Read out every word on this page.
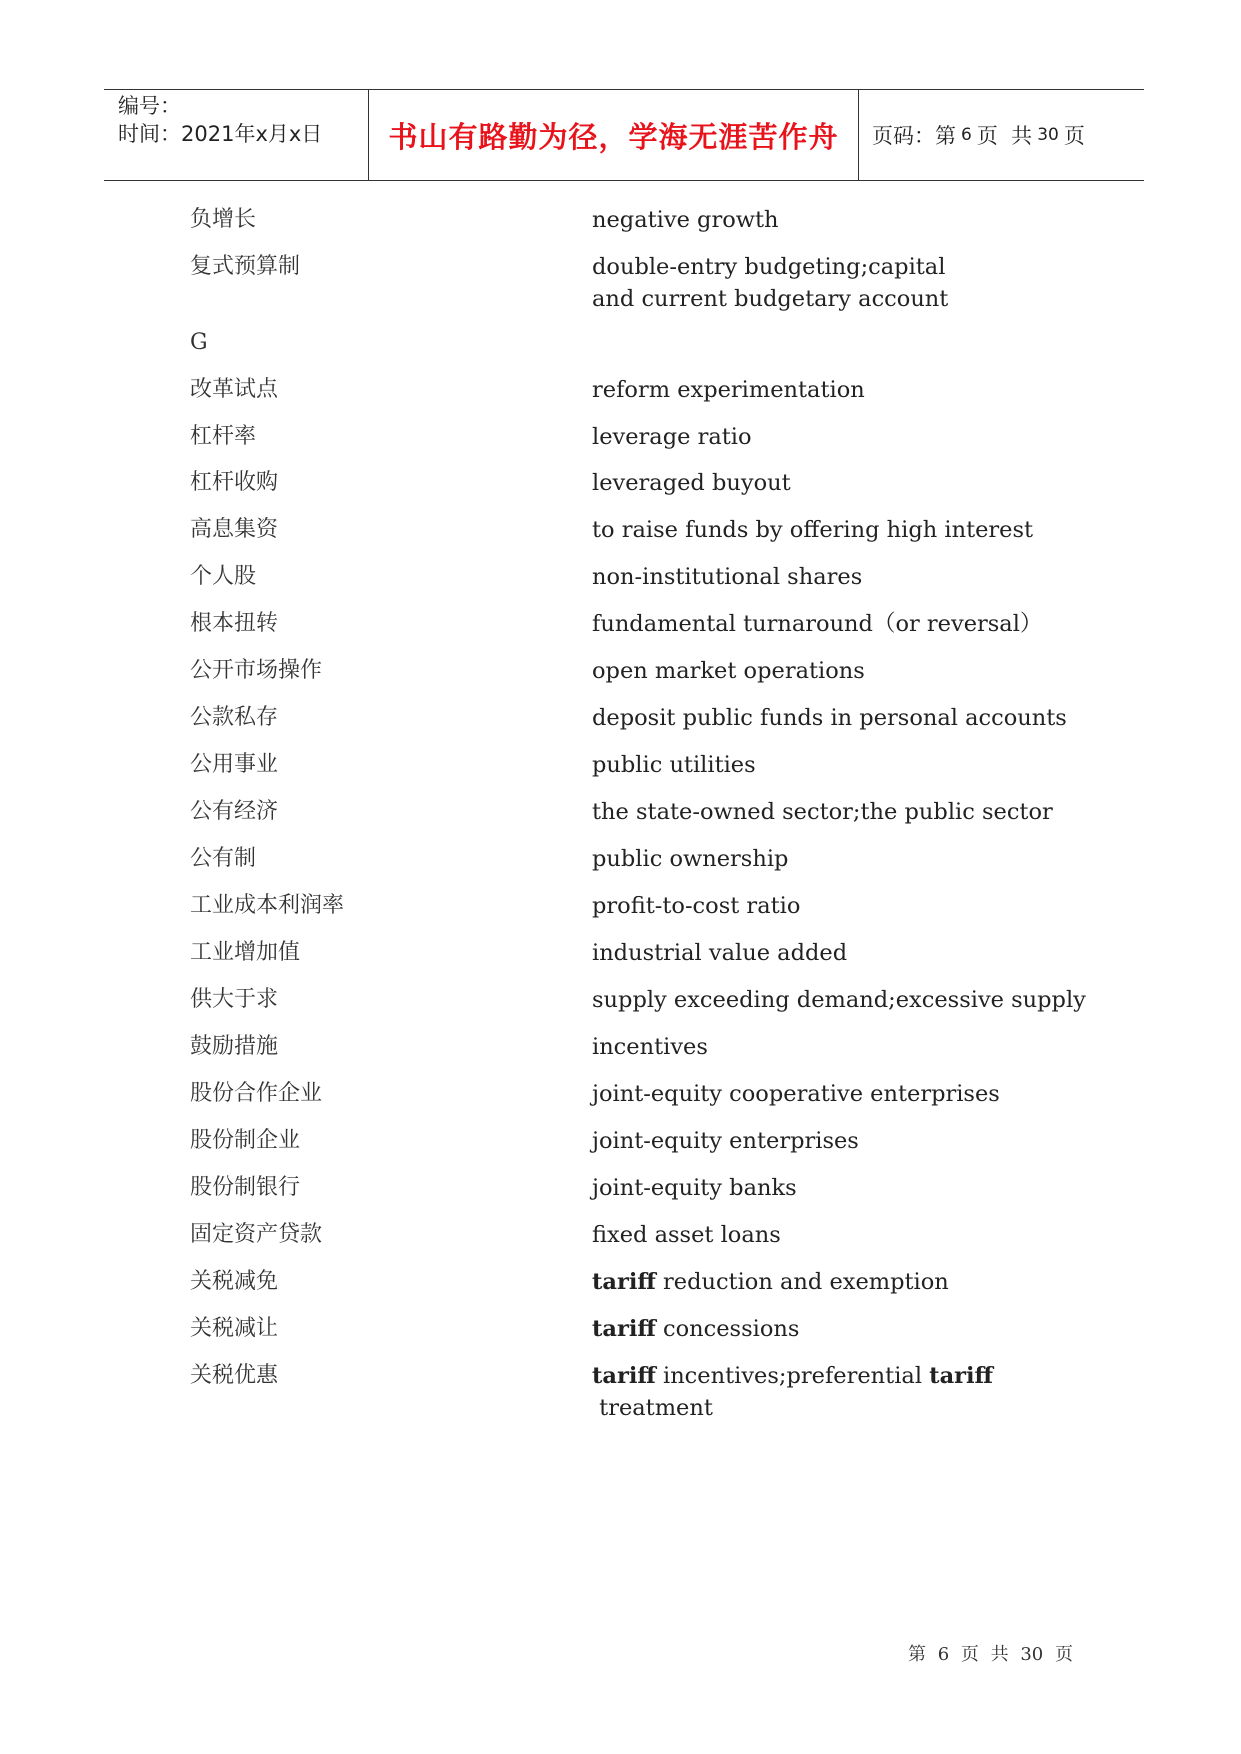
编号：
时间：2021年x月x日	书山有路勤为径，学海无涯苦作舟 页码：第 6 页  共 30 页
负增长	negative growth
复式预算制	double-entry budgeting;capital and current budgetary account
G
改革试点	reform experimentation
杠杆率	leverage ratio
杠杆收购	leveraged buyout
高息集资	to raise funds by offering high interest
个人股	non-institutional shares
根本扭转	fundamental turnaround（or reversal）
公开市场操作	open market operations
公款私存	deposit public funds in personal accounts
公用事业	public utilities
公有经济	the state-owned sector;the public sector
公有制	public ownership
工业成本利润率	profit-to-cost ratio
工业增加值	industrial value added
供大于求	supply exceeding demand;excessive supply
鼓励措施	incentives
股份合作企业	joint-equity cooperative enterprises
股份制企业	joint-equity enterprises
股份制银行	joint-equity banks
固定资产贷款	fixed asset loans
关税减免	tariff reduction and exemption
关税减让	tariff concessions
关税优惠	tariff incentives;preferential tariff treatment
第 6 页 共 30 页
